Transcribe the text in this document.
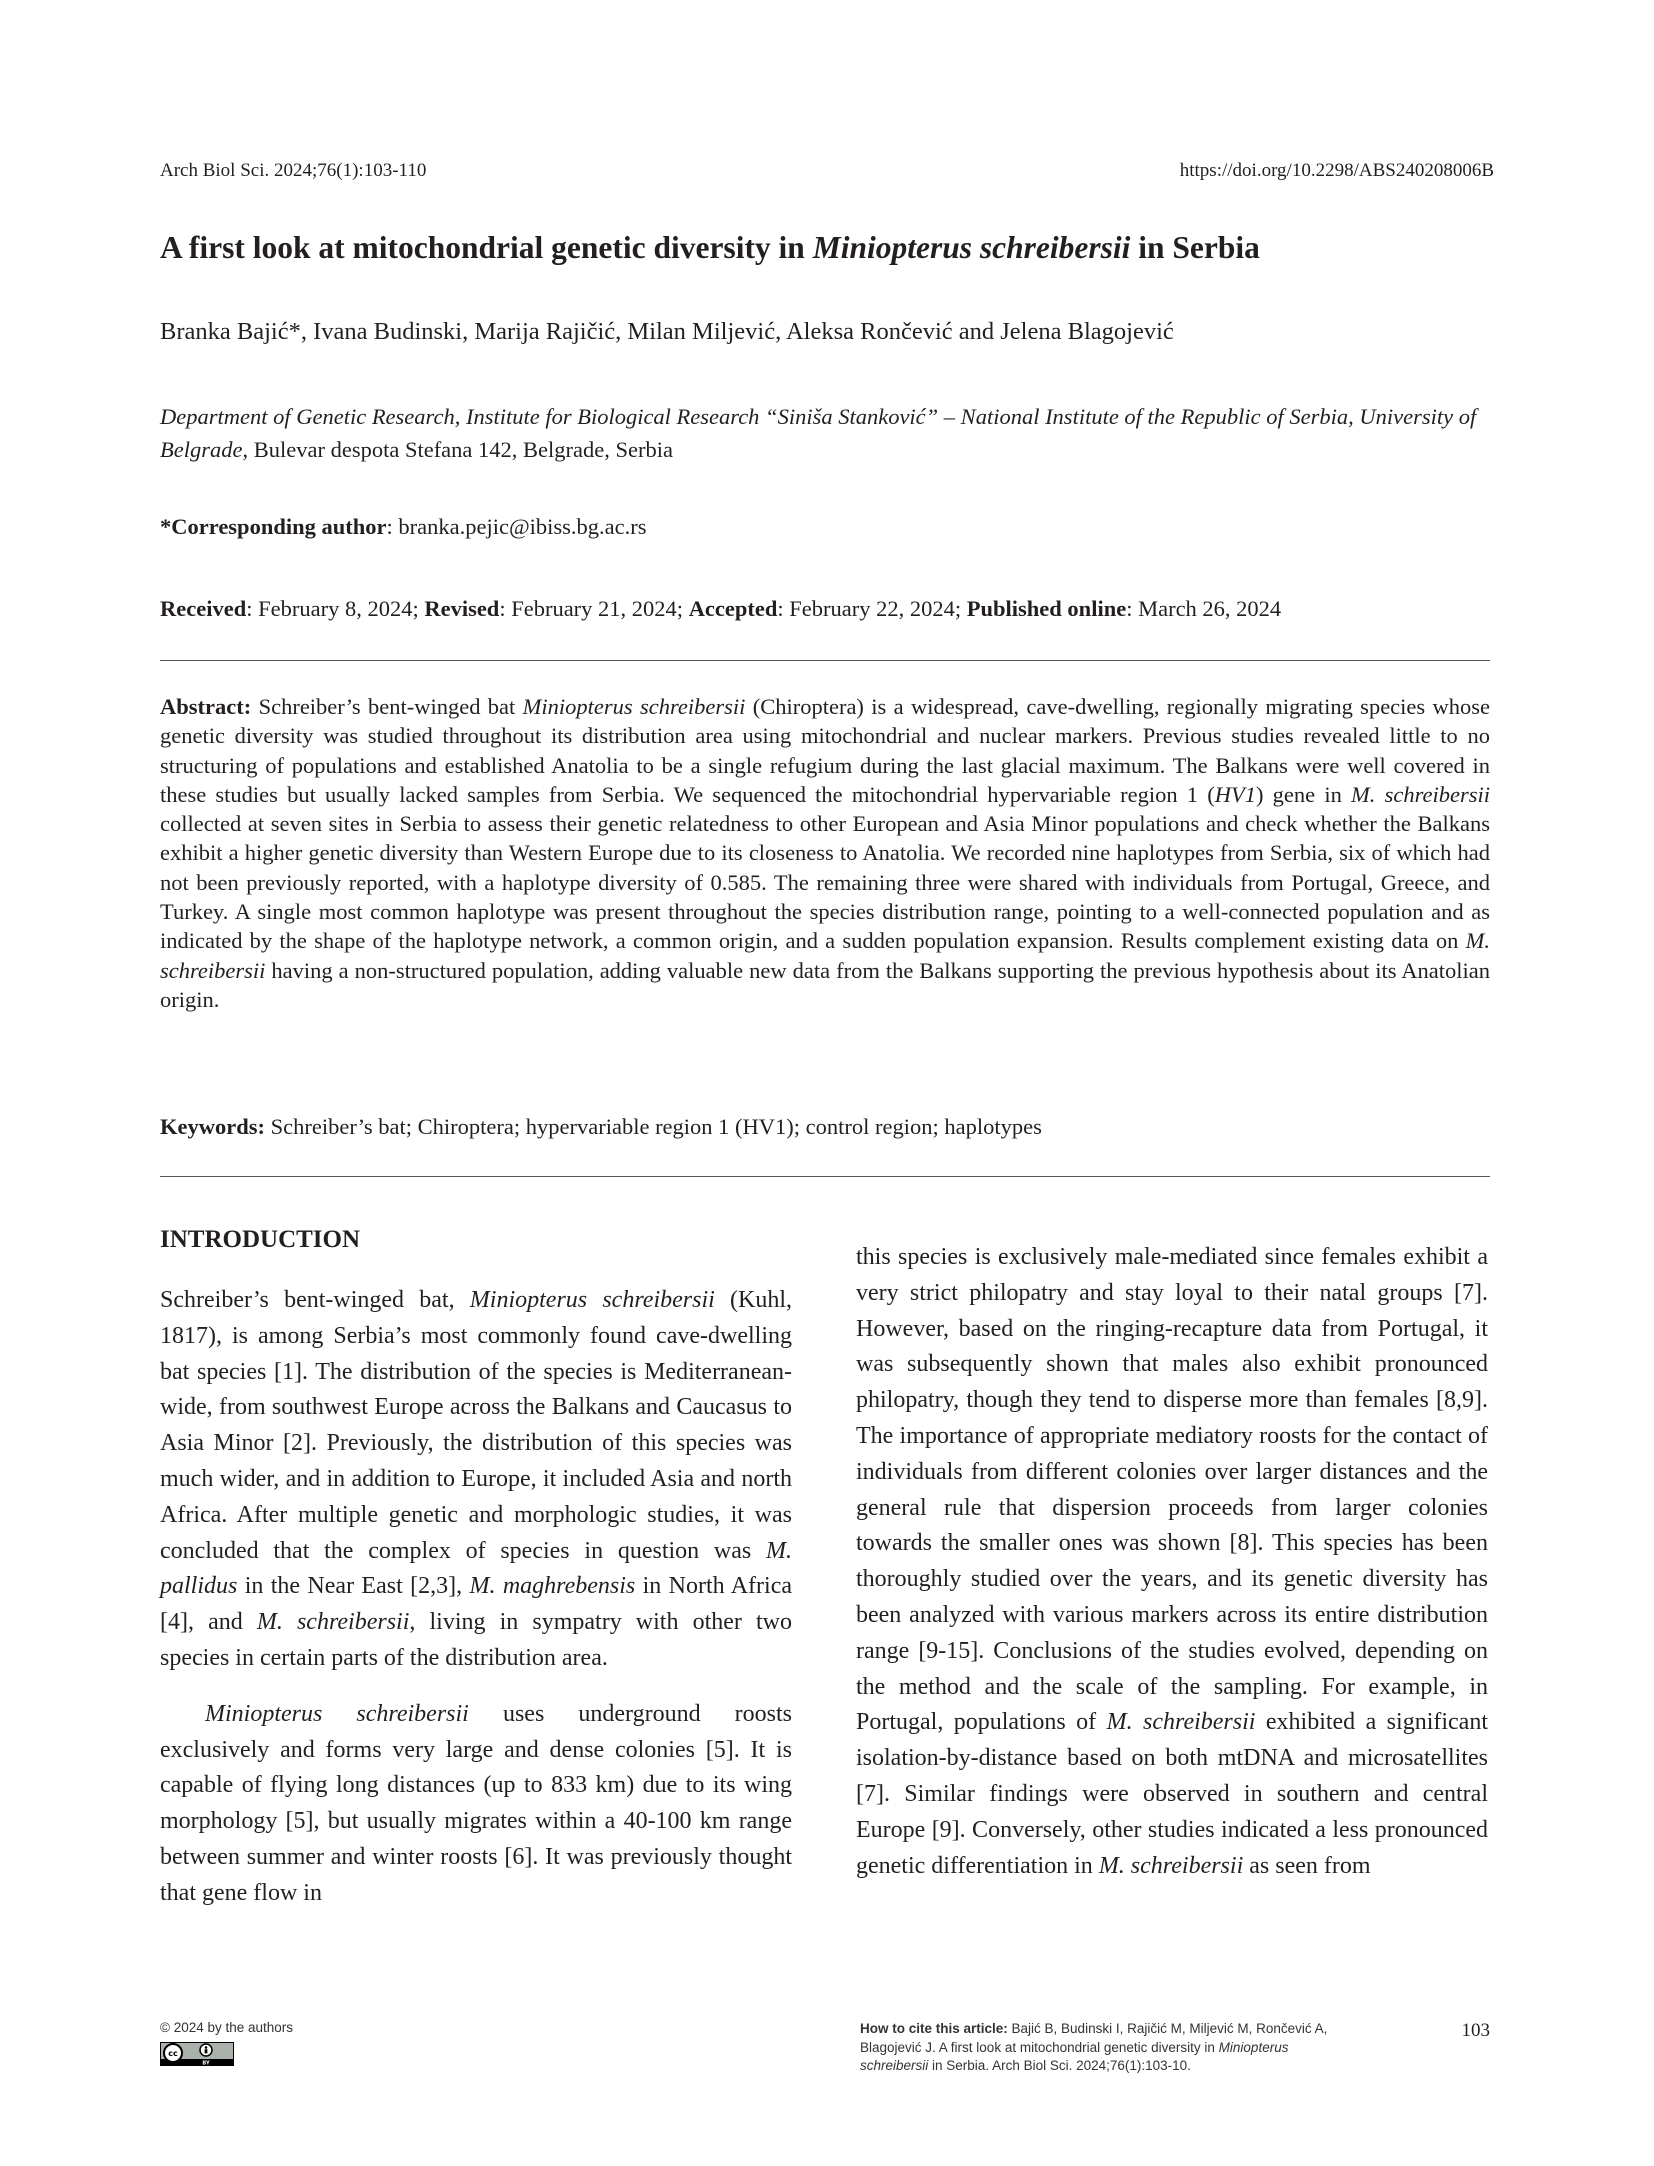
Arch Biol Sci. 2024;76(1):103-110	https://doi.org/10.2298/ABS240208006B
A first look at mitochondrial genetic diversity in Miniopterus schreibersii in Serbia
Branka Bajić*, Ivana Budinski, Marija Rajičić, Milan Miljević, Aleksa Rončević and Jelena Blagojević
Department of Genetic Research, Institute for Biological Research “Siniša Stanković” – National Institute of the Republic of Serbia, University of Belgrade, Bulevar despota Stefana 142, Belgrade, Serbia
*Corresponding author: branka.pejic@ibiss.bg.ac.rs
Received: February 8, 2024; Revised: February 21, 2024; Accepted: February 22, 2024; Published online: March 26, 2024
Abstract: Schreiber’s bent-winged bat Miniopterus schreibersii (Chiroptera) is a widespread, cave-dwelling, regionally migrating species whose genetic diversity was studied throughout its distribution area using mitochondrial and nuclear markers. Previous studies revealed little to no structuring of populations and established Anatolia to be a single refugium during the last glacial maximum. The Balkans were well covered in these studies but usually lacked samples from Serbia. We sequenced the mitochondrial hypervariable region 1 (HV1) gene in M. schreibersii collected at seven sites in Serbia to assess their genetic relatedness to other European and Asia Minor populations and check whether the Balkans exhibit a higher genetic diversity than Western Europe due to its closeness to Anatolia. We recorded nine haplotypes from Serbia, six of which had not been previously reported, with a haplotype diversity of 0.585. The remaining three were shared with individuals from Portugal, Greece, and Turkey. A single most common haplotype was present throughout the species distribution range, pointing to a well-connected population and as indicated by the shape of the haplotype network, a common origin, and a sudden population expansion. Results complement existing data on M. schreibersii having a non-structured population, adding valuable new data from the Balkans supporting the previous hypothesis about its Anatolian origin.
Keywords: Schreiber’s bat; Chiroptera; hypervariable region 1 (HV1); control region; haplotypes
INTRODUCTION

Schreiber’s bent-winged bat, Miniopterus schreibersii (Kuhl, 1817), is among Serbia’s most commonly found cave-dwelling bat species [1]. The distribution of the species is Mediterranean-wide, from southwest Europe across the Balkans and Caucasus to Asia Minor [2]. Previously, the distribution of this species was much wider, and in addition to Europe, it included Asia and north Africa. After multiple genetic and morphologic studies, it was concluded that the complex of species in question was M. pallidus in the Near East [2,3], M. maghrebensis in North Africa [4], and M. schreibersii, living in sympatry with other two species in certain parts of the distribution area.

Miniopterus schreibersii uses underground roosts exclusively and forms very large and dense colonies [5]. It is capable of flying long distances (up to 833 km) due to its wing morphology [5], but usually migrates within a 40-100 km range between summer and winter roosts [6]. It was previously thought that gene flow in

this species is exclusively male-mediated since females exhibit a very strict philopatry and stay loyal to their natal groups [7]. However, based on the ringing-recapture data from Portugal, it was subsequently shown that males also exhibit pronounced philopatry, though they tend to disperse more than females [8,9]. The importance of appropriate mediatory roosts for the contact of individuals from different colonies over larger distances and the general rule that dispersion proceeds from larger colonies towards the smaller ones was shown [8]. This species has been thoroughly studied over the years, and its genetic diversity has been analyzed with various markers across its entire distribution range [9-15]. Conclusions of the studies evolved, depending on the method and the scale of the sampling. For example, in Portugal, populations of M. schreibersii exhibited a significant isolation-by-distance based on both mtDNA and microsatellites [7]. Similar findings were observed in southern and central Europe [9]. Conversely, other studies indicated a less pronounced genetic differentiation in M. schreibersii as seen from

© 2024 by the authors
cc
BY
How to cite this article: Bajić B, Budinski I, Rajičić M, Miljević M, Rončević A, Blagojević J. A first look at mitochondrial genetic diversity in Miniopterus schreibersii in Serbia. Arch Biol Sci. 2024;76(1):103-10.
103
